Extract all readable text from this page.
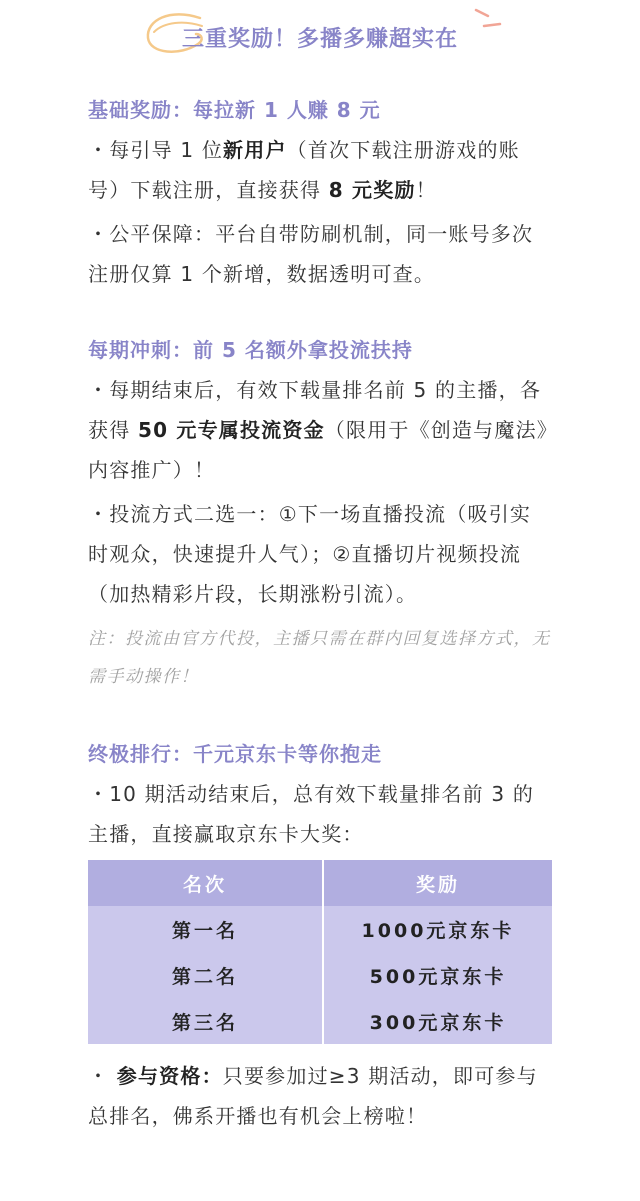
三重奖励！多播多赚超实在
基础奖励：每拉新 1 人赚 8 元

・每引导 1 位新用户（首次下载注册游戏的账号）下载注册，直接获得 8 元奖励！

・公平保障：平台自带防刷机制，同一账号多次注册仅算 1 个新增，数据透明可查。

每期冲刺：前 5 名额外拿投流扶持

・每期结束后，有效下载量排名前 5 的主播，各获得 50 元专属投流资金（限用于《创造与魔法》内容推广）！

・投流方式二选一：①下一场直播投流（吸引实时观众，快速提升人气）；②直播切片视频投流（加热精彩片段，长期涨粉引流）。

注：投流由官方代投，主播只需在群内回复选择方式，无需手动操作！
终极排行：千元京东卡等你抱走

・10 期活动结束后，总有效下载量排名前 3 的主播，直接赢取京东卡大奖：

名次	奖励
第一名	1000元京东卡
第二名	500元京东卡
第三名	300元京东卡

・ 参与资格：只要参加过≥3 期活动，即可参与总排名，佛系开播也有机会上榜啦！
